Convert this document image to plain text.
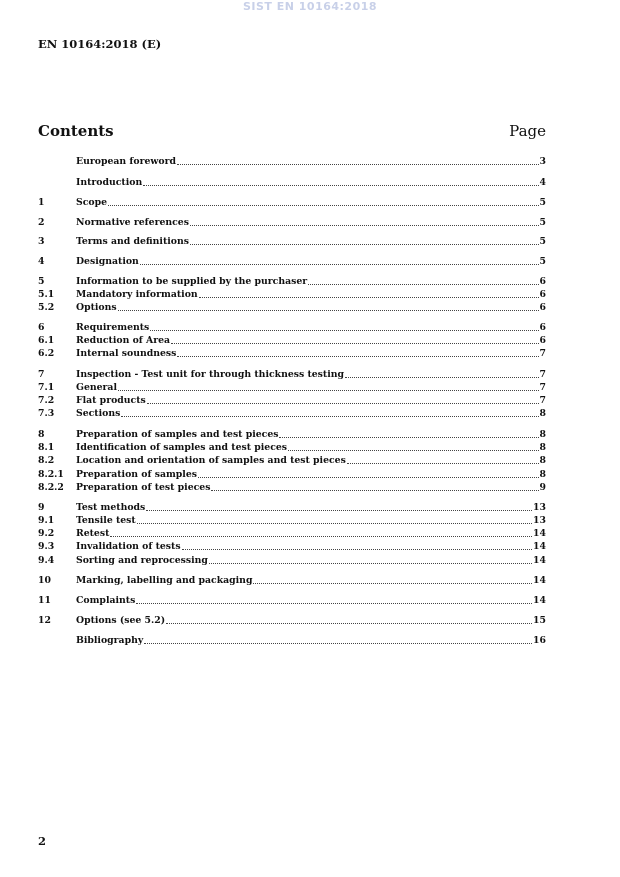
SIST EN 10164:2018
EN 10164:2018 (E)
Contents	Page
European foreword	3
Introduction	4
1	Scope	5
2	Normative references	5
3	Terms and definitions	5
4	Designation	5
5	Information to be supplied by the purchaser	6
5.1	Mandatory information	6
5.2	Options	6
6	Requirements	6
6.1	Reduction of Area	6
6.2	Internal soundness	7
7	Inspection - Test unit for through thickness testing	7
7.1	General	7
7.2	Flat products	7
7.3	Sections	8
8	Preparation of samples and test pieces	8
8.1	Identification of samples and test pieces	8
8.2	Location and orientation of samples and test pieces	8
8.2.1	Preparation of samples	8
8.2.2	Preparation of test pieces	9
9	Test methods	13
9.1	Tensile test	13
9.2	Retest	14
9.3	Invalidation of tests	14
9.4	Sorting and reprocessing	14
10	Marking, labelling and packaging	14
11	Complaints	14
12	Options (see 5.2)	15
Bibliography	16
2
